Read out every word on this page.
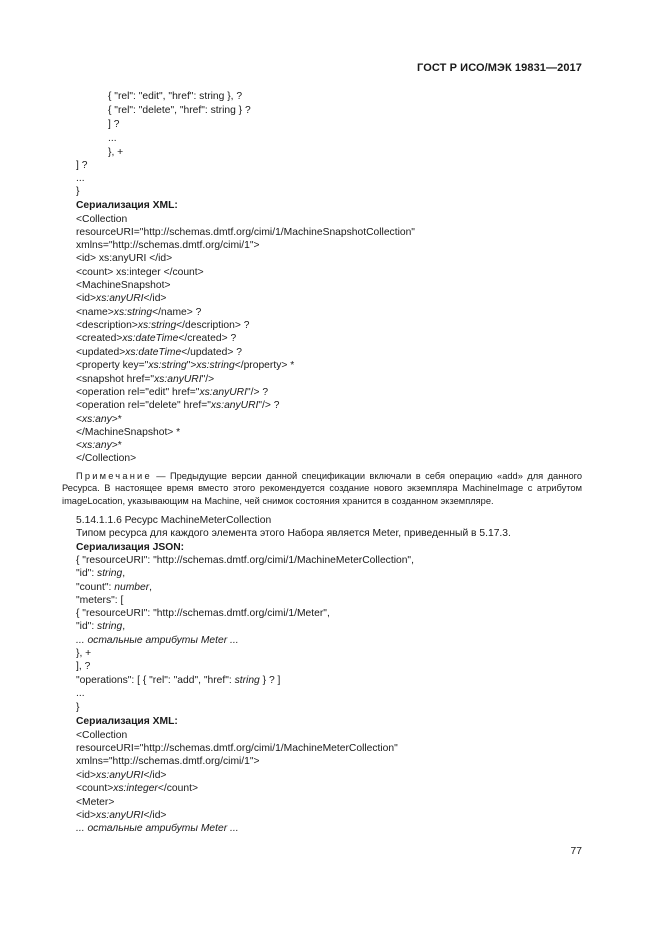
ГОСТ Р ИСО/МЭК 19831—2017
{ "rel": "edit", "href": string }, ?
{ "rel": "delete", "href": string } ?
] ?
...
}, +
] ?
...
}
Сериализация XML:
<Collection
resourceURI="http://schemas.dmtf.org/cimi/1/MachineSnapshotCollection"
xmlns="http://schemas.dmtf.org/cimi/1">
<id> xs:anyURI </id>
<count> xs:integer </count>
<MachineSnapshot>
<id>xs:anyURI</id>
<name>xs:string</name> ?
<description>xs:string</description> ?
<created>xs:dateTime</created> ?
<updated>xs:dateTime</updated> ?
<property key="xs:string">xs:string</property> *
<snapshot href="xs:anyURI"/>
<operation rel="edit" href="xs:anyURI"/> ?
<operation rel="delete" href="xs:anyURI"/> ?
<xs:any>*
</MachineSnapshot> *
<xs:any>*
</Collection>
Примечание — Предыдущие версии данной спецификации включали в себя операцию «add» для данного Ресурса. В настоящее время вместо этого рекомендуется создание нового экземпляра MachineImage с атрибутом imageLocation, указывающим на Machine, чей снимок состояния хранится в созданном экземпляре.
5.14.1.1.6 Ресурс MachineMeterCollection
Типом ресурса для каждого элемента этого Набора является Meter, приведенный в 5.17.3.
Сериализация JSON:
{ "resourceURI": "http://schemas.dmtf.org/cimi/1/MachineMeterCollection",
"id": string,
"count": number,
"meters": [
{ "resourceURI": "http://schemas.dmtf.org/cimi/1/Meter",
"id": string,
... остальные атрибуты Meter ...
}, +
], ?
"operations": [ { "rel": "add", "href": string } ? ]
...
}
Сериализация XML:
<Collection
resourceURI="http://schemas.dmtf.org/cimi/1/MachineMeterCollection"
xmlns="http://schemas.dmtf.org/cimi/1">
<id>xs:anyURI</id>
<count>xs:integer</count>
<Meter>
<id>xs:anyURI</id>
... остальные атрибуты Meter ...
77
